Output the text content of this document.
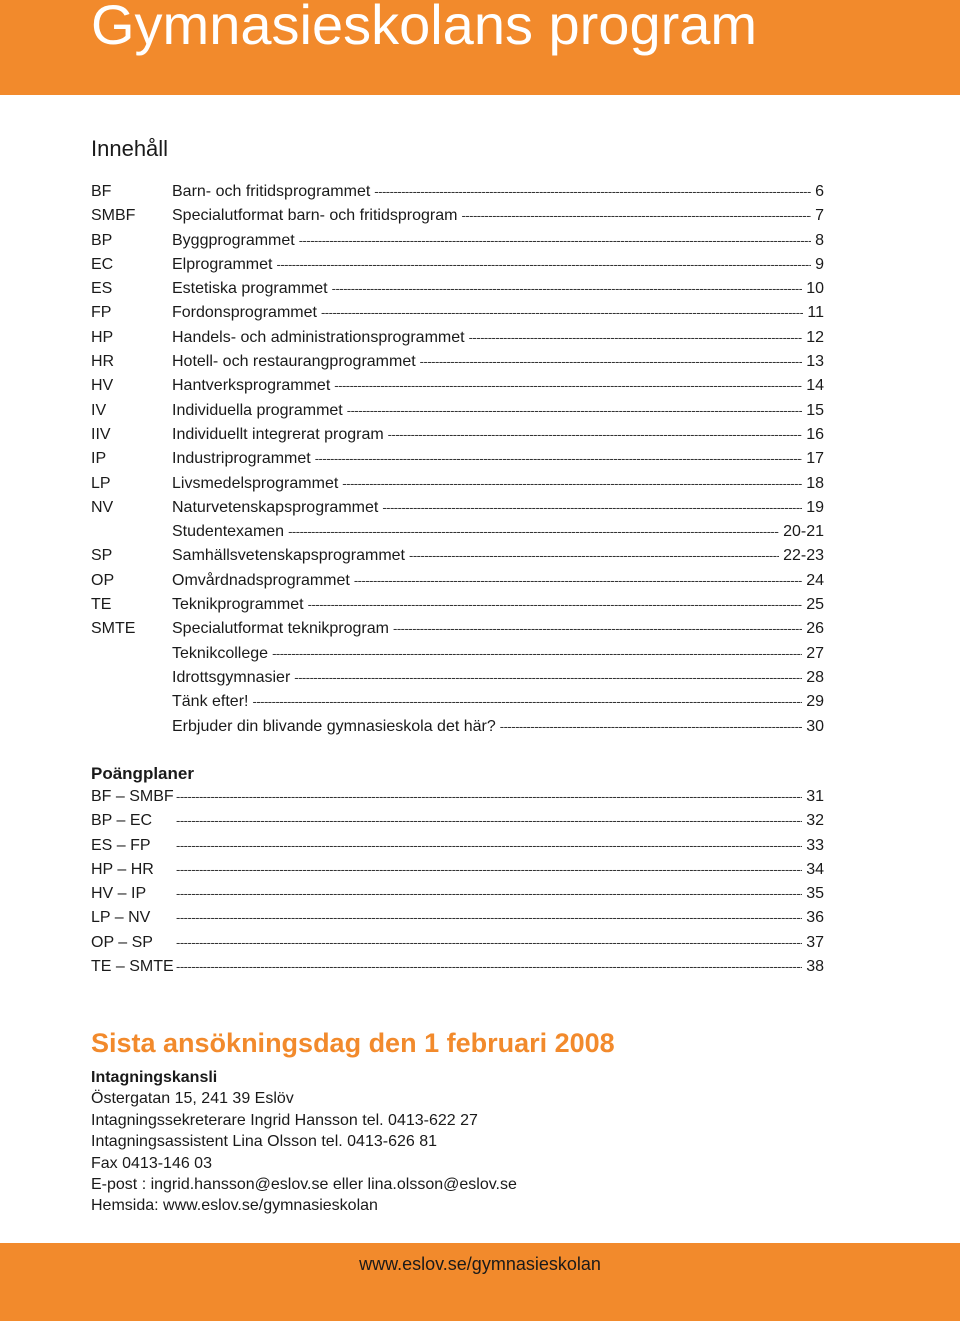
Gymnasieskolans program
Innehåll
BF	Barn- och fritidsprogrammet -----	6
SMBF	Specialutformat barn- och fritidsprogram -----	7
BP	Byggprogrammet -----	8
EC	Elprogrammet -----	9
ES	Estetiska programmet -----	10
FP	Fordonsprogrammet -----	11
HP	Handels- och administrationsprogrammet -----	12
HR	Hotell- och restaurangprogrammet -----	13
HV	Hantverksprogrammet -----	14
IV	Individuella programmet -----	15
IIV	Individuellt integrerat program -----	16
IP	Industriprogrammet -----	17
LP	Livsmedelsprogrammet -----	18
NV	Naturvetenskapsprogrammet -----	19
Studentexamen -----	20-21
SP	Samhällsvetenskapsprogrammet -----	22-23
OP	Omvårdnadsprogrammet -----	24
TE	Teknikprogrammet -----	25
SMTE	Specialutformat teknikprogram -----	26
Teknikcollege -----	27
Idrottsgymnasier -----	28
Tänk efter! -----	29
Erbjuder din blivande gymnasieskola det här? -----	30
Poängplaner
BF – SMBF -----	31
BP – EC -----	32
ES – FP -----	33
HP – HR -----	34
HV – IP -----	35
LP – NV -----	36
OP – SP -----	37
TE – SMTE -----	38
Sista ansökningsdag den 1 februari 2008
Intagningskansli
Östergatan 15, 241 39 Eslöv
Intagningssekreterare Ingrid Hansson tel. 0413-622 27
Intagningsassistent Lina Olsson tel. 0413-626 81
Fax 0413-146 03
E-post : ingrid.hansson@eslov.se eller lina.olsson@eslov.se
Hemsida: www.eslov.se/gymnasieskolan
www.eslov.se/gymnasieskolan
